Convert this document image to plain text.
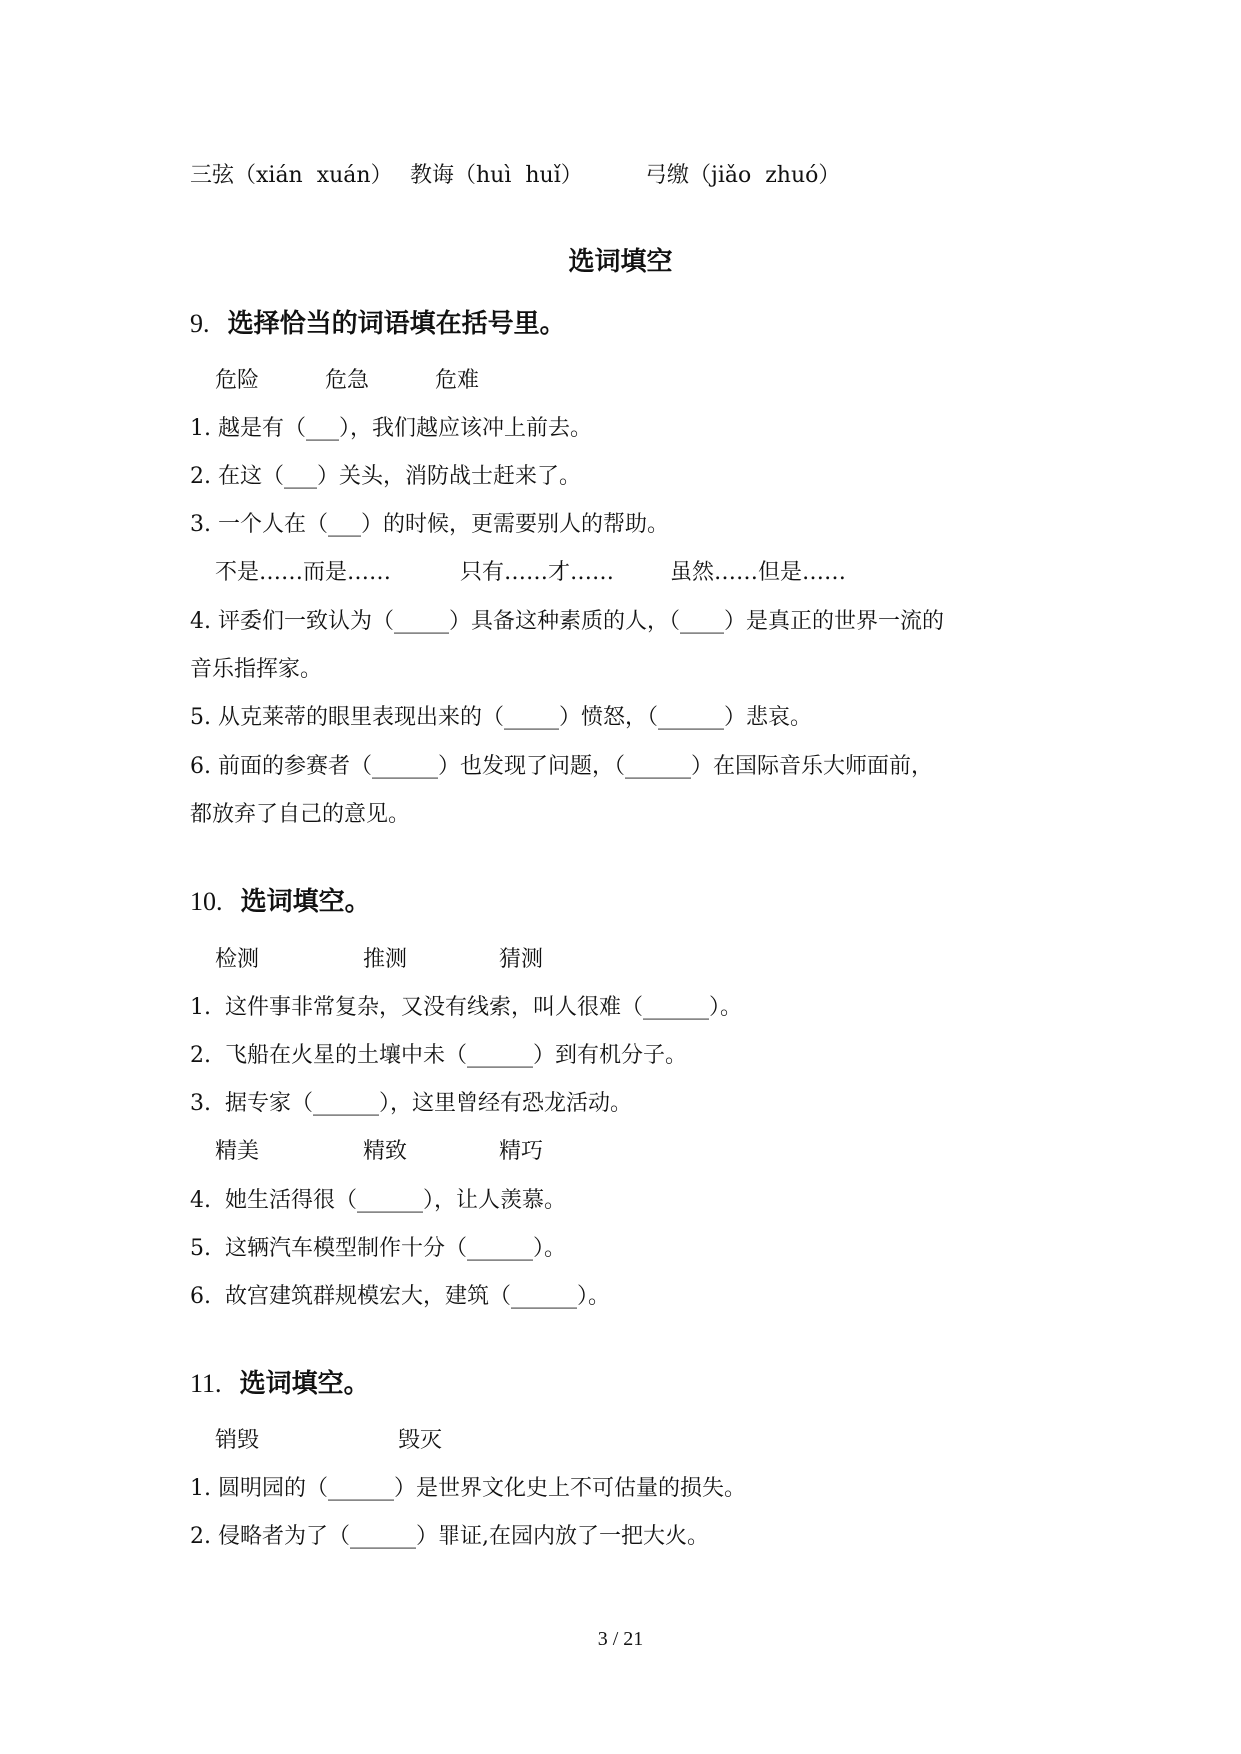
三弦（xián  xuán） 教诲（huì  huǐ）	弓缴（jiǎo  zhuó）
选词填空
9. 选择恰当的词语填在括号里。
危险	危急	危难
1. 越是有（___），我们越应该冲上前去。
2. 在这（___）关头，消防战士赶来了。
3. 一个人在（___）的时候，更需要别人的帮助。
不是……而是……	只有……才……	虽然……但是……
4. 评委们一致认为（_____）具备这种素质的人，（____）是真正的世界一流的
音乐指挥家。
5. 从克莱蒂的眼里表现出来的（_____）愤怒，（______）悲哀。
6. 前面的参赛者（______）也发现了问题，（______）在国际音乐大师面前，
都放弃了自己的意见。
10. 选词填空。
检测	推测	猜测
1.  这件事非常复杂，又没有线索，叫人很难（______）。
2.  飞船在火星的土壤中未（______）到有机分子。
3.  据专家（______），这里曾经有恐龙活动。
精美	精致	精巧
4.  她生活得很（______），让人羡慕。
5.  这辆汽车模型制作十分（______）。
6.  故宫建筑群规模宏大，建筑（______）。
11. 选词填空。
销毁	毁灭
1. 圆明园的（______）是世界文化史上不可估量的损失。
2. 侵略者为了（______）罪证,在园内放了一把大火。
3 / 21
